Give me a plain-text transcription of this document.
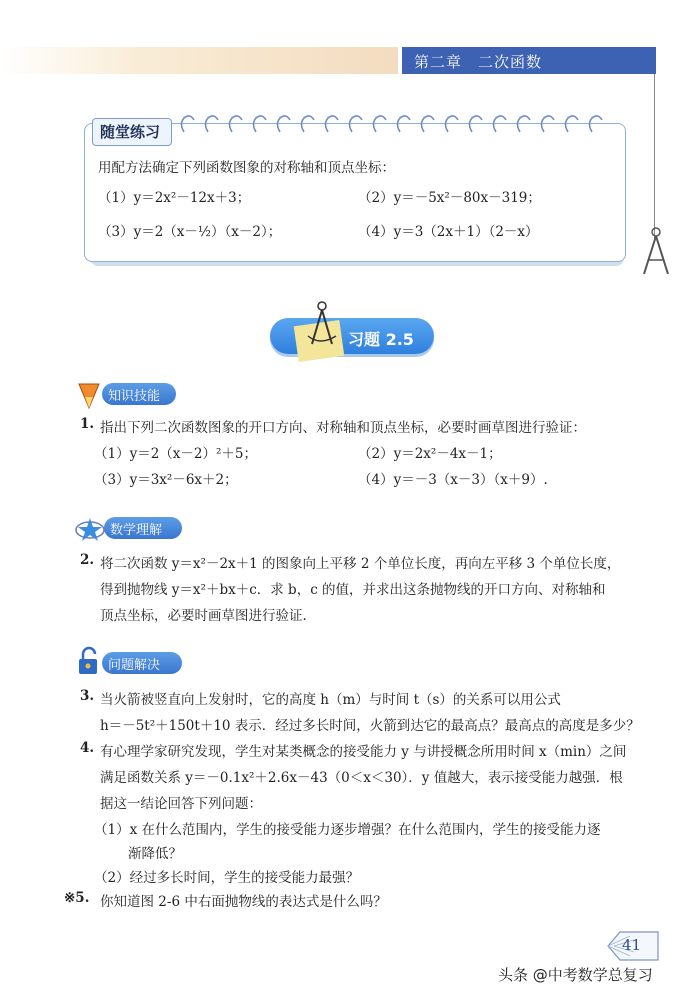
第二章　二次函数
随堂练习
用配方法确定下列函数图象的对称轴和顶点坐标：
（1）y＝2x²－12x＋3；	（2）y＝－5x²－80x－319；
（3）y＝2（x－½）（x－2）；	（4）y＝3（2x＋1）（2－x）
习题 2.5
知识技能
1. 指出下列二次函数图象的开口方向、对称轴和顶点坐标，必要时画草图进行验证：
（1）y＝2（x－2）²＋5；	（2）y＝2x²－4x－1；
（3）y＝3x²－6x＋2；	（4）y＝－3（x－3）（x＋9）.
数学理解
2. 将二次函数 y＝x²－2x＋1 的图象向上平移 2 个单位长度，再向左平移 3 个单位长度，
得到抛物线 y＝x²＋bx＋c．求 b，c 的值，并求出这条抛物线的开口方向、对称轴和
顶点坐标，必要时画草图进行验证.
问题解决
3. 当火箭被竖直向上发射时，它的高度 h（m）与时间 t（s）的关系可以用公式
h＝－5t²＋150t＋10 表示．经过多长时间，火箭到达它的最高点？最高点的高度是多少？
4. 有心理学家研究发现，学生对某类概念的接受能力 y 与讲授概念所用时间 x（min）之间
满足函数关系 y＝－0.1x²＋2.6x－43（0＜x＜30）．y 值越大，表示接受能力越强．根
据这一结论回答下列问题：
（1）x 在什么范围内，学生的接受能力逐步增强？在什么范围内，学生的接受能力逐
渐降低？
（2）经过多长时间，学生的接受能力最强？
※5. 你知道图 2-6 中右面抛物线的表达式是什么吗？
41
头条 @中考数学总复习
